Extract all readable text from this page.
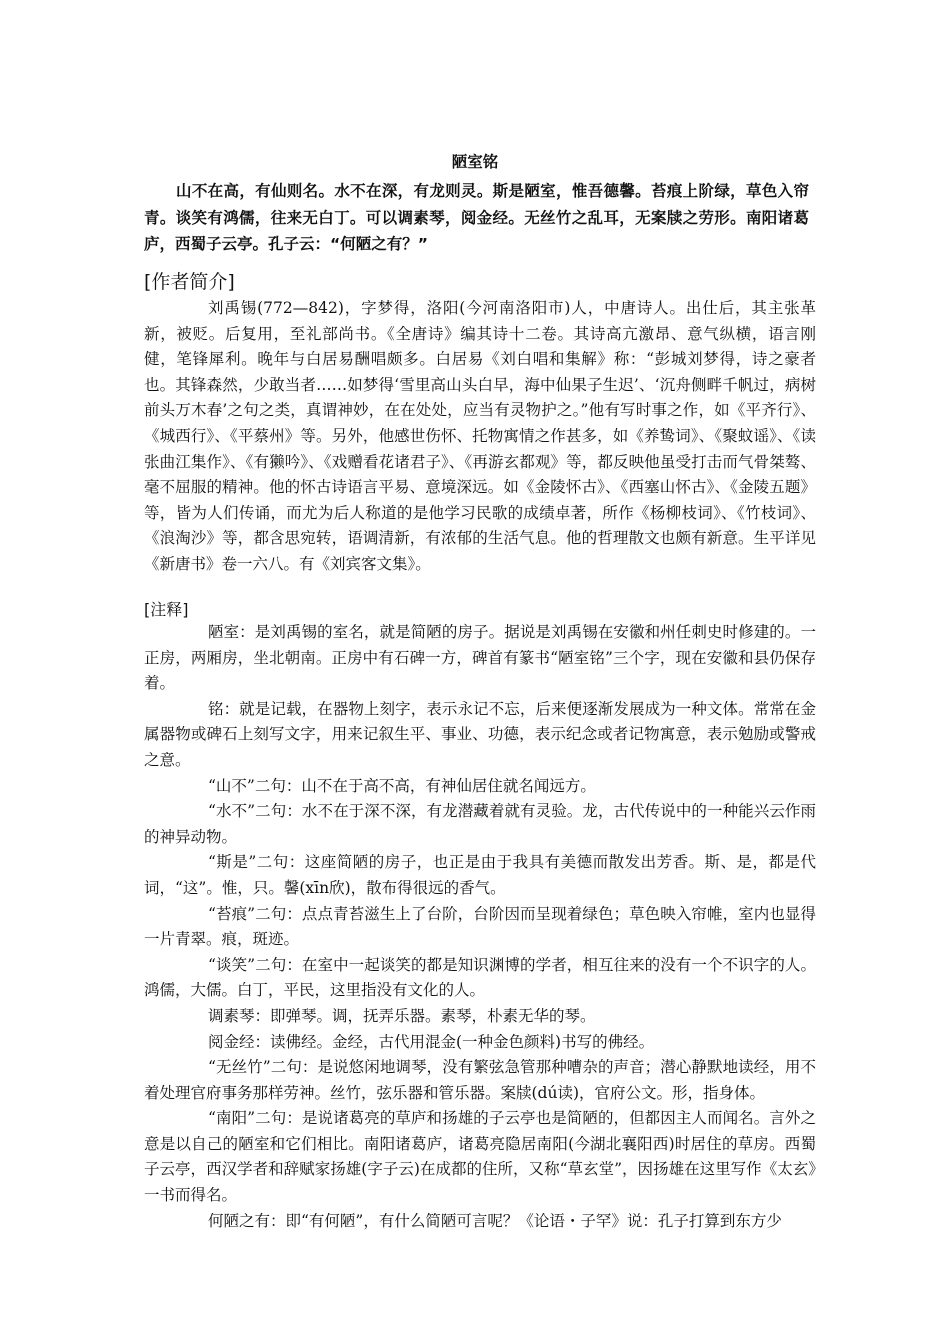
陋室铭

山不在高，有仙则名。水不在深，有龙则灵。斯是陋室，惟吾德馨。苔痕上阶绿，草色入帘青。谈笑有鸿儒，往来无白丁。可以调素琴，阅金经。无丝竹之乱耳，无案牍之劳形。南阳诸葛庐，西蜀子云亭。孔子云：“何陋之有？”

[作者简介]

刘禹锡(772—842)，字梦得，洛阳(今河南洛阳市)人，中唐诗人。出仕后，其主张革新，被贬。后复用，至礼部尚书。《全唐诗》编其诗十二卷。其诗高亢激昂、意气纵横，语言刚健，笔锋犀利。晚年与白居易酬唱颇多。白居易《刘白唱和集解》称：“彭城刘梦得，诗之豪者也。其锋森然，少敢当者……如梦得‘雪里高山头白早，海中仙果子生迟’、‘沉舟侧畔千帆过，病树前头万木春’之句之类，真谓神妙，在在处处，应当有灵物护之。”他有写时事之作，如《平齐行》、《城西行》、《平蔡州》等。另外，他感世伤怀、托物寓情之作甚多，如《养鸷词》、《聚蚊谣》、《读张曲江集作》、《有獭吟》、《戏赠看花诸君子》、《再游玄都观》等，都反映他虽受打击而气骨桀骜、毫不屈服的精神。他的怀古诗语言平易、意境深远。如《金陵怀古》、《西塞山怀古》、《金陵五题》等，皆为人们传诵，而尤为后人称道的是他学习民歌的成绩卓著，所作《杨柳枝词》、《竹枝词》、《浪淘沙》等，都含思宛转，语调清新，有浓郁的生活气息。他的哲理散文也颇有新意。生平详见《新唐书》卷一六八。有《刘宾客文集》。

[注释]

陋室：是刘禹锡的室名，就是简陋的房子。据说是刘禹锡在安徽和州任刺史时修建的。一正房，两厢房，坐北朝南。正房中有石碑一方，碑首有篆书“陋室铭”三个字，现在安徽和县仍保存着。

铭：就是记载，在器物上刻字，表示永记不忘，后来便逐渐发展成为一种文体。常常在金属器物或碑石上刻写文字，用来记叙生平、事业、功德，表示纪念或者记物寓意，表示勉励或警戒之意。

“山不”二句：山不在于高不高，有神仙居住就名闻远方。

“水不”二句：水不在于深不深，有龙潜藏着就有灵验。龙，古代传说中的一种能兴云作雨的神异动物。

“斯是”二句：这座简陋的房子，也正是由于我具有美德而散发出芳香。斯、是，都是代词，“这”。惟，只。馨(xīn欣)，散布得很远的香气。

“苔痕”二句：点点青苔滋生上了台阶，台阶因而呈现着绿色；草色映入帘帷，室内也显得一片青翠。痕，斑迹。

“谈笑”二句：在室中一起谈笑的都是知识渊博的学者，相互往来的没有一个不识字的人。鸿儒，大儒。白丁，平民，这里指没有文化的人。

调素琴：即弹琴。调，抚弄乐器。素琴，朴素无华的琴。

阅金经：读佛经。金经，古代用混金(一种金色颜料)书写的佛经。

“无丝竹”二句：是说悠闲地调琴，没有繁弦急管那种嘈杂的声音；潜心静默地读经，用不着处理官府事务那样劳神。丝竹，弦乐器和管乐器。案牍(dú读)，官府公文。形，指身体。

“南阳”二句：是说诸葛亮的草庐和扬雄的子云亭也是简陋的，但都因主人而闻名。言外之意是以自己的陋室和它们相比。南阳诸葛庐，诸葛亮隐居南阳(今湖北襄阳西)时居住的草房。西蜀子云亭，西汉学者和辞赋家扬雄(字子云)在成都的住所，又称“草玄堂”，因扬雄在这里写作《太玄》一书而得名。

何陋之有：即“有何陋”，有什么简陋可言呢？《论语・子罕》说：孔子打算到东方少
